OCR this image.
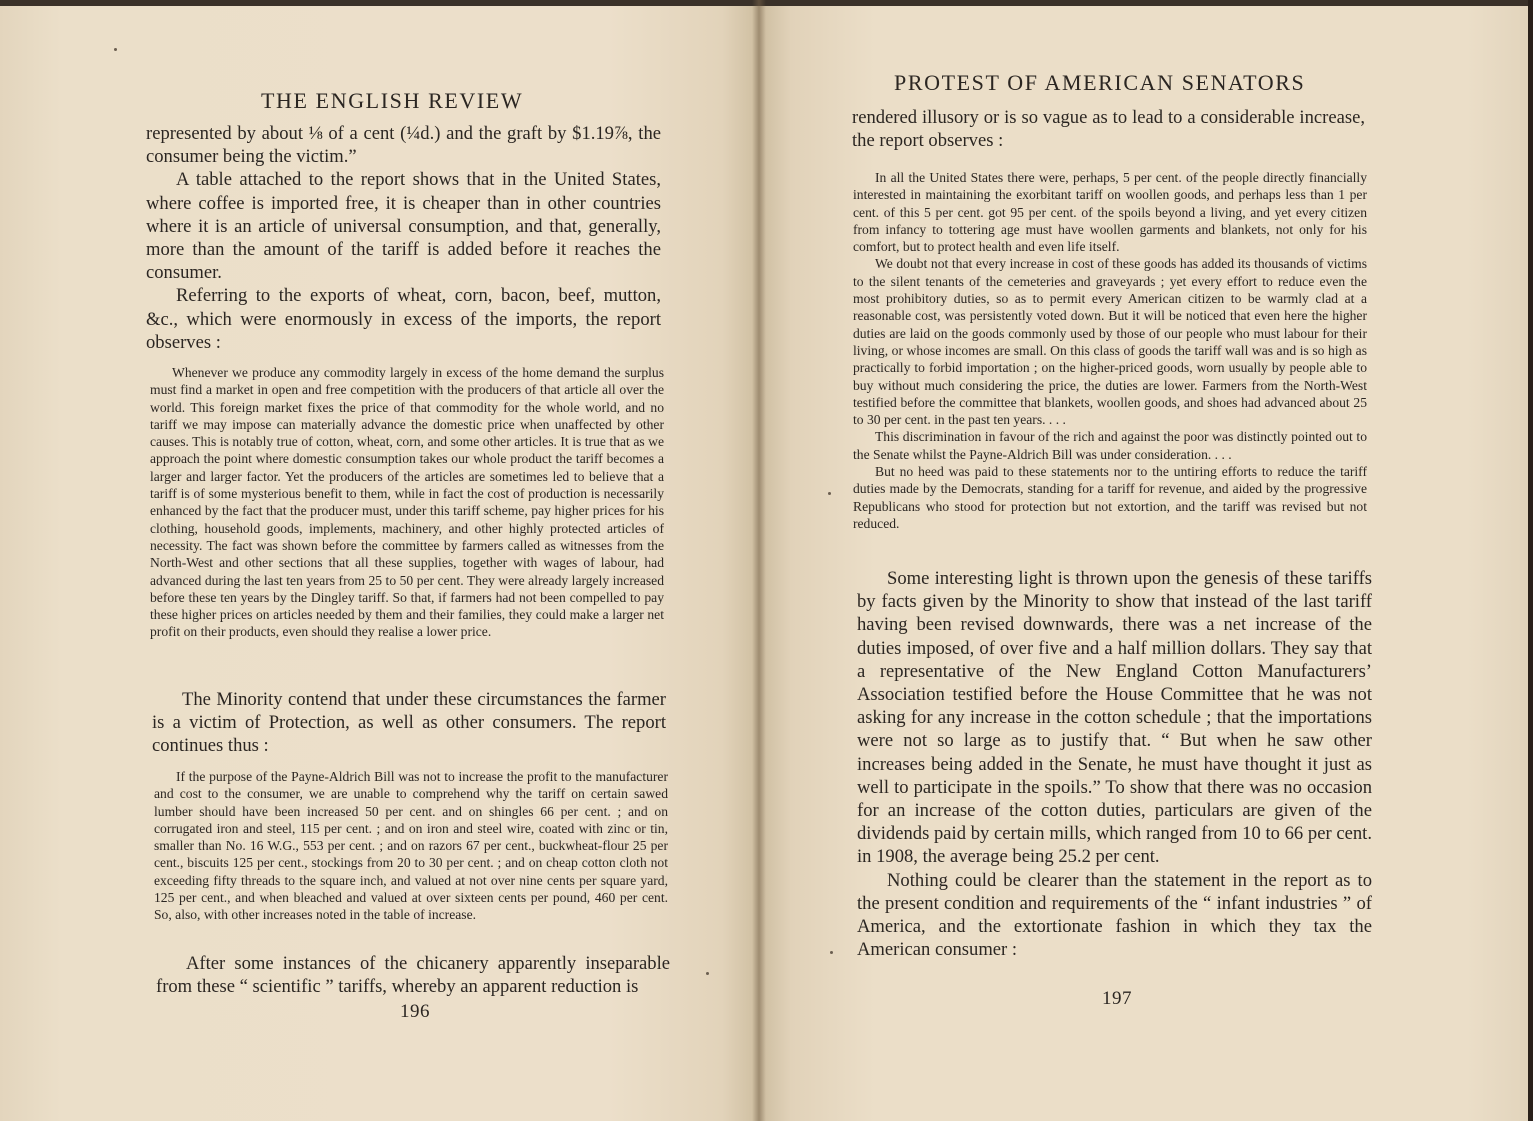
THE ENGLISH REVIEW

represented by about ⅛ of a cent (¼d.) and the graft by $1.19⅞, the consumer being the victim.”

A table attached to the report shows that in the United States, where coffee is imported free, it is cheaper than in other countries where it is an article of universal consumption, and that, generally, more than the amount of the tariff is added before it reaches the consumer.

Referring to the exports of wheat, corn, bacon, beef, mutton, &c., which were enormously in excess of the imports, the report observes :

Whenever we produce any commodity largely in excess of the home demand the surplus must find a market in open and free competition with the producers of that article all over the world. This foreign market fixes the price of that commodity for the whole world, and no tariff we may impose can materially advance the domestic price when unaffected by other causes. This is notably true of cotton, wheat, corn, and some other articles. It is true that as we approach the point where domestic consumption takes our whole product the tariff becomes a larger and larger factor. Yet the producers of the articles are sometimes led to believe that a tariff is of some mysterious benefit to them, while in fact the cost of production is necessarily enhanced by the fact that the producer must, under this tariff scheme, pay higher prices for his clothing, household goods, implements, machinery, and other highly protected articles of necessity. The fact was shown before the committee by farmers called as witnesses from the North-West and other sections that all these supplies, together with wages of labour, had advanced during the last ten years from 25 to 50 per cent. They were already largely increased before these ten years by the Dingley tariff. So that, if farmers had not been compelled to pay these higher prices on articles needed by them and their families, they could make a larger net profit on their products, even should they realise a lower price.

The Minority contend that under these circumstances the farmer is a victim of Protection, as well as other consumers. The report continues thus :

If the purpose of the Payne-Aldrich Bill was not to increase the profit to the manufacturer and cost to the consumer, we are unable to comprehend why the tariff on certain sawed lumber should have been increased 50 per cent. and on shingles 66 per cent. ; and on corrugated iron and steel, 115 per cent. ; and on iron and steel wire, coated with zinc or tin, smaller than No. 16 W.G., 553 per cent. ; and on razors 67 per cent., buckwheat-flour 25 per cent., biscuits 125 per cent., stockings from 20 to 30 per cent. ; and on cheap cotton cloth not exceeding fifty threads to the square inch, and valued at not over nine cents per square yard, 125 per cent., and when bleached and valued at over sixteen cents per pound, 460 per cent. So, also, with other increases noted in the table of increase.

After some instances of the chicanery apparently inseparable from these “ scientific ” tariffs, whereby an apparent reduction is

196
PROTEST OF AMERICAN SENATORS

rendered illusory or is so vague as to lead to a considerable increase, the report observes :

In all the United States there were, perhaps, 5 per cent. of the people directly financially interested in maintaining the exorbitant tariff on woollen goods, and perhaps less than 1 per cent. of this 5 per cent. got 95 per cent. of the spoils beyond a living, and yet every citizen from infancy to tottering age must have woollen garments and blankets, not only for his comfort, but to protect health and even life itself.

We doubt not that every increase in cost of these goods has added its thousands of victims to the silent tenants of the cemeteries and graveyards ; yet every effort to reduce even the most prohibitory duties, so as to permit every American citizen to be warmly clad at a reasonable cost, was persistently voted down. But it will be noticed that even here the higher duties are laid on the goods commonly used by those of our people who must labour for their living, or whose incomes are small. On this class of goods the tariff wall was and is so high as practically to forbid importation ; on the higher-priced goods, worn usually by people able to buy without much considering the price, the duties are lower. Farmers from the North-West testified before the committee that blankets, woollen goods, and shoes had advanced about 25 to 30 per cent. in the past ten years. . . .

This discrimination in favour of the rich and against the poor was distinctly pointed out to the Senate whilst the Payne-Aldrich Bill was under consideration. . . .

But no heed was paid to these statements nor to the untiring efforts to reduce the tariff duties made by the Democrats, standing for a tariff for revenue, and aided by the progressive Republicans who stood for protection but not extortion, and the tariff was revised but not reduced.

Some interesting light is thrown upon the genesis of these tariffs by facts given by the Minority to show that instead of the last tariff having been revised downwards, there was a net increase of the duties imposed, of over five and a half million dollars. They say that a representative of the New England Cotton Manufacturers’ Association testified before the House Committee that he was not asking for any increase in the cotton schedule ; that the importations were not so large as to justify that. “ But when he saw other increases being added in the Senate, he must have thought it just as well to participate in the spoils.” To show that there was no occasion for an increase of the cotton duties, particulars are given of the dividends paid by certain mills, which ranged from 10 to 66 per cent. in 1908, the average being 25.2 per cent.

Nothing could be clearer than the statement in the report as to the present condition and requirements of the “ infant industries ” of America, and the extortionate fashion in which they tax the American consumer :

197
